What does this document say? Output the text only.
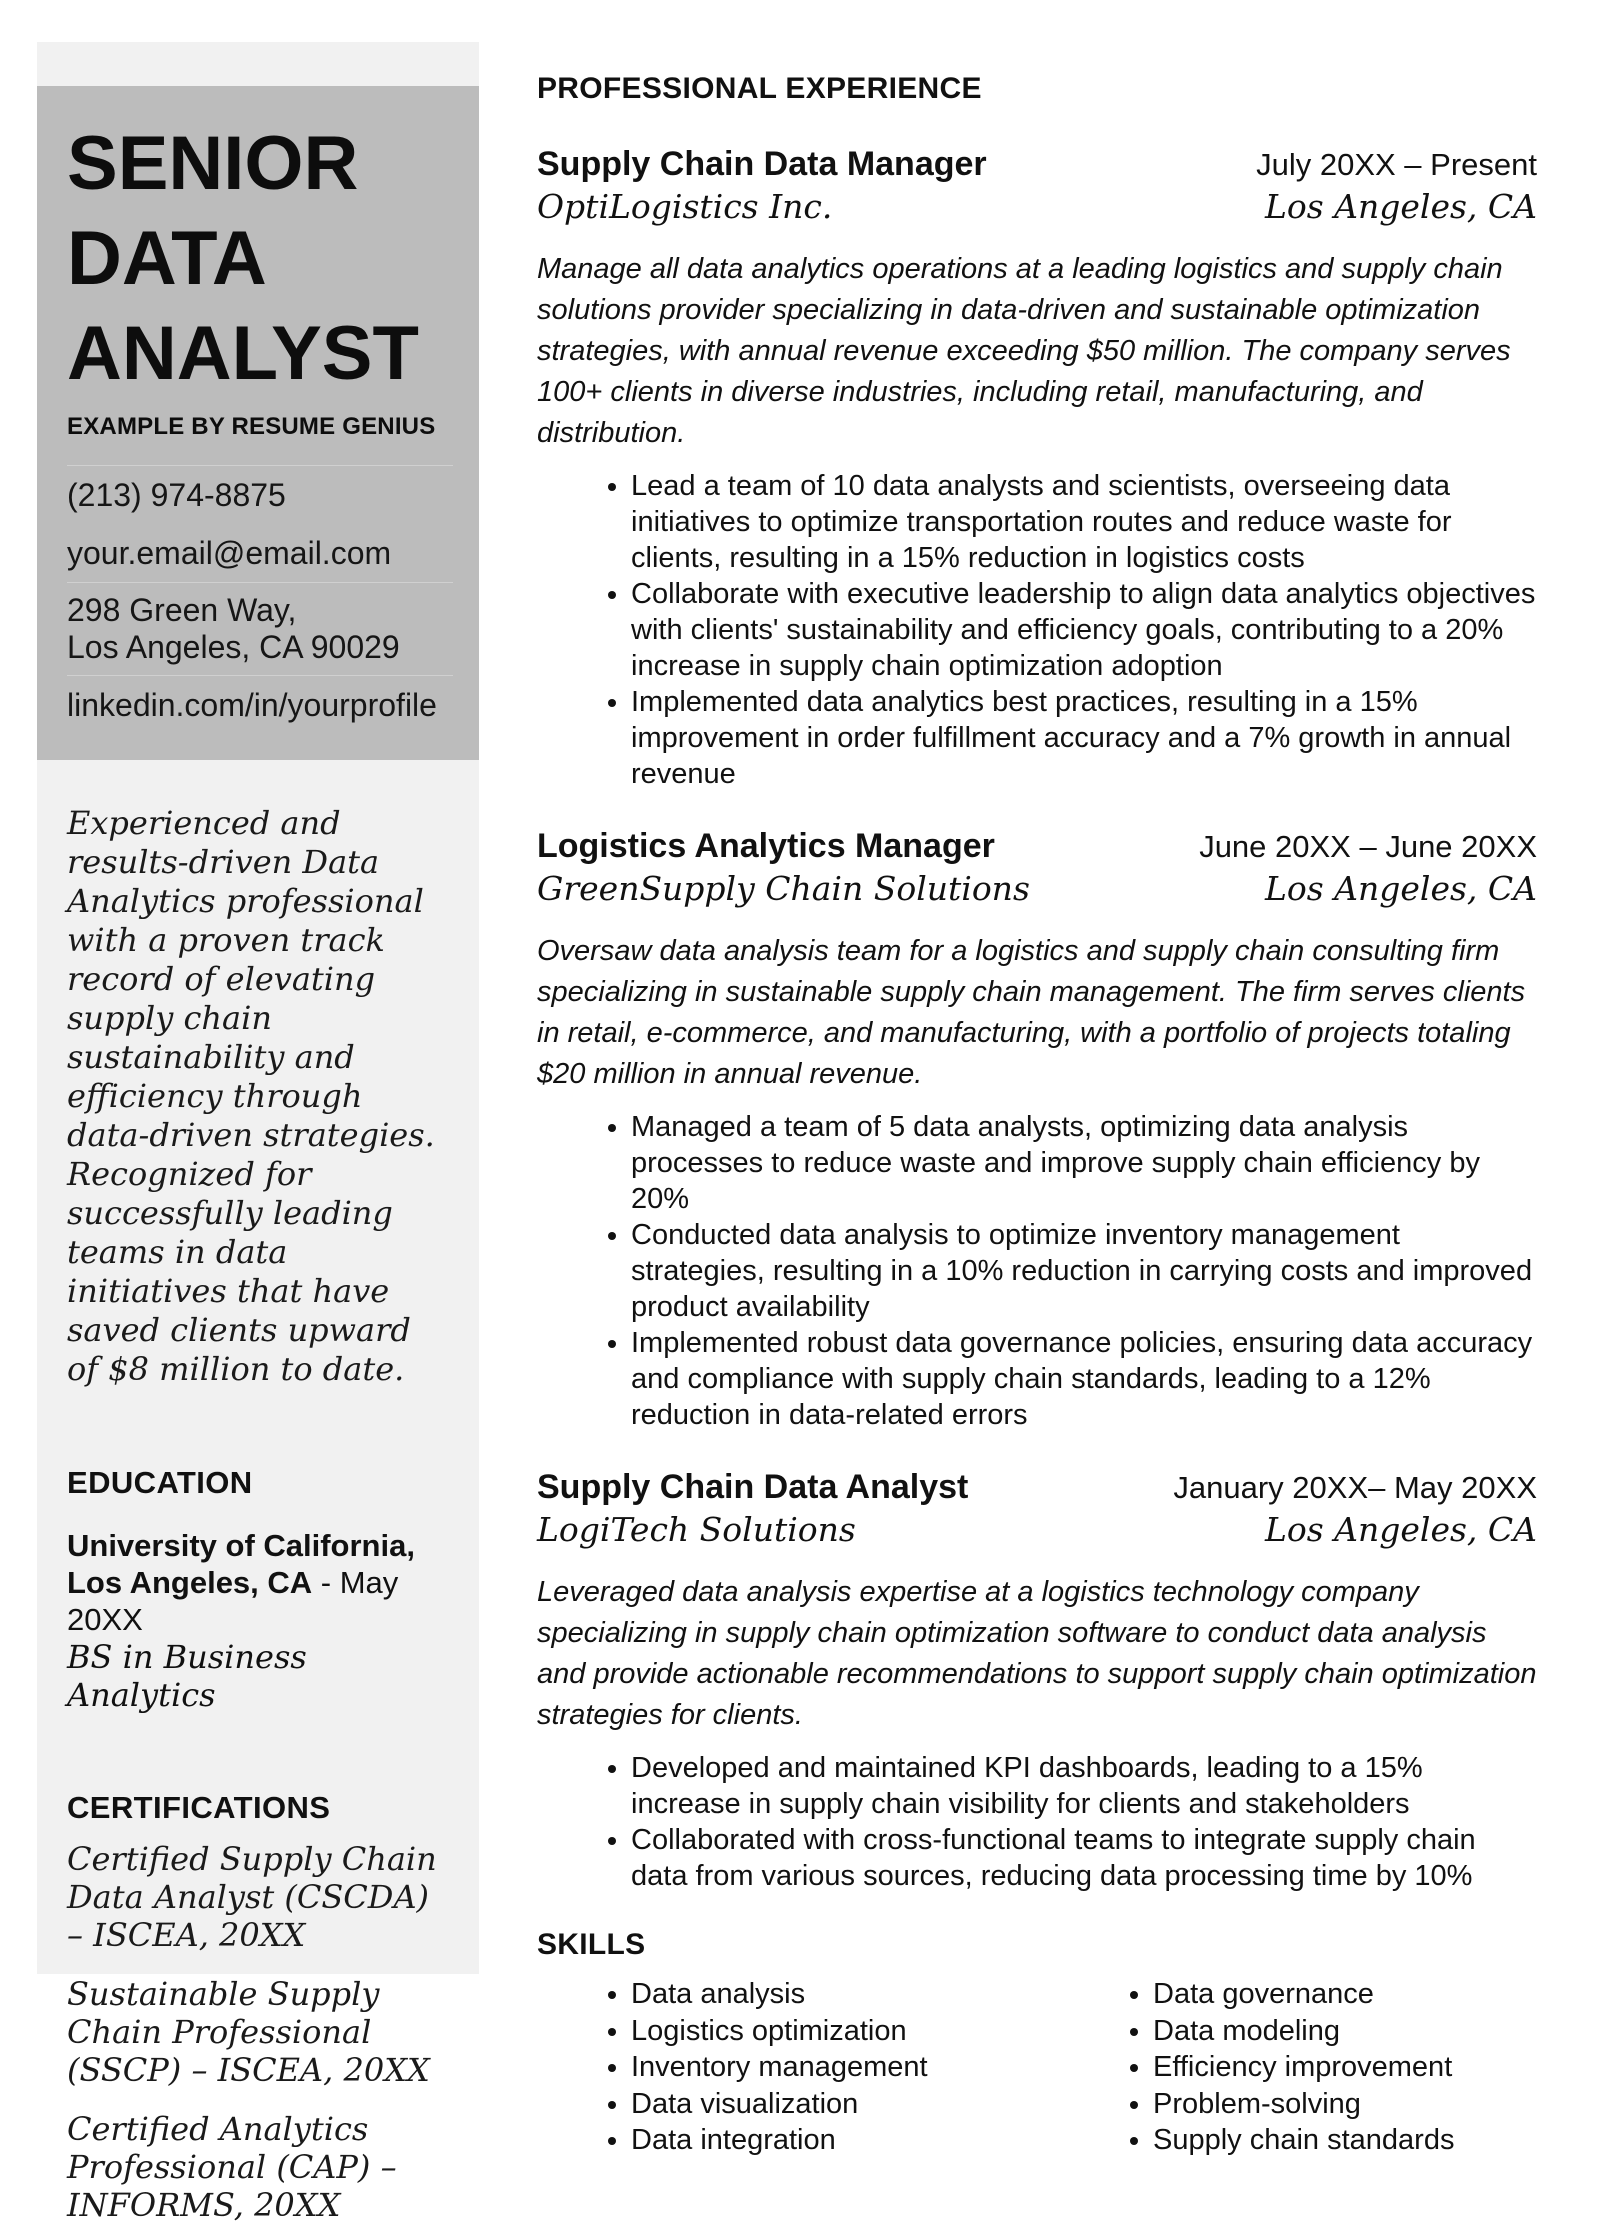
SENIOR DATA ANALYST
EXAMPLE BY RESUME GENIUS
(213) 974-8875
your.email@email.com
298 Green Way,
Los Angeles, CA 90029
linkedin.com/in/yourprofile
Experienced and results-driven Data Analytics professional with a proven track record of elevating supply chain sustainability and efficiency through data-driven strategies. Recognized for successfully leading teams in data initiatives that have saved clients upward of $8 million to date.
EDUCATION
University of California, Los Angeles, CA - May 20XX
BS in Business Analytics
CERTIFICATIONS
Certified Supply Chain Data Analyst (CSCDA) – ISCEA, 20XX
Sustainable Supply Chain Professional (SSCP) – ISCEA, 20XX
Certified Analytics Professional (CAP) – INFORMS, 20XX
PROFESSIONAL EXPERIENCE
Supply Chain Data Manager	July 20XX – Present
OptiLogistics Inc.	Los Angeles, CA
Manage all data analytics operations at a leading logistics and supply chain solutions provider specializing in data-driven and sustainable optimization strategies, with annual revenue exceeding $50 million. The company serves 100+ clients in diverse industries, including retail, manufacturing, and distribution.
• Lead a team of 10 data analysts and scientists, overseeing data initiatives to optimize transportation routes and reduce waste for clients, resulting in a 15% reduction in logistics costs
• Collaborate with executive leadership to align data analytics objectives with clients' sustainability and efficiency goals, contributing to a 20% increase in supply chain optimization adoption
• Implemented data analytics best practices, resulting in a 15% improvement in order fulfillment accuracy and a 7% growth in annual revenue
Logistics Analytics Manager	June 20XX – June 20XX
GreenSupply Chain Solutions	Los Angeles, CA
Oversaw data analysis team for a logistics and supply chain consulting firm specializing in sustainable supply chain management. The firm serves clients in retail, e-commerce, and manufacturing, with a portfolio of projects totaling $20 million in annual revenue.
• Managed a team of 5 data analysts, optimizing data analysis processes to reduce waste and improve supply chain efficiency by 20%
• Conducted data analysis to optimize inventory management strategies, resulting in a 10% reduction in carrying costs and improved product availability
• Implemented robust data governance policies, ensuring data accuracy and compliance with supply chain standards, leading to a 12% reduction in data-related errors
Supply Chain Data Analyst	January 20XX– May 20XX
LogiTech Solutions	Los Angeles, CA
Leveraged data analysis expertise at a logistics technology company specializing in supply chain optimization software to conduct data analysis and provide actionable recommendations to support supply chain optimization strategies for clients.
• Developed and maintained KPI dashboards, leading to a 15% increase in supply chain visibility for clients and stakeholders
• Collaborated with cross-functional teams to integrate supply chain data from various sources, reducing data processing time by 10%
SKILLS
• Data analysis
• Logistics optimization
• Inventory management
• Data visualization
• Data integration
• Data governance
• Data modeling
• Efficiency improvement
• Problem-solving
• Supply chain standards
